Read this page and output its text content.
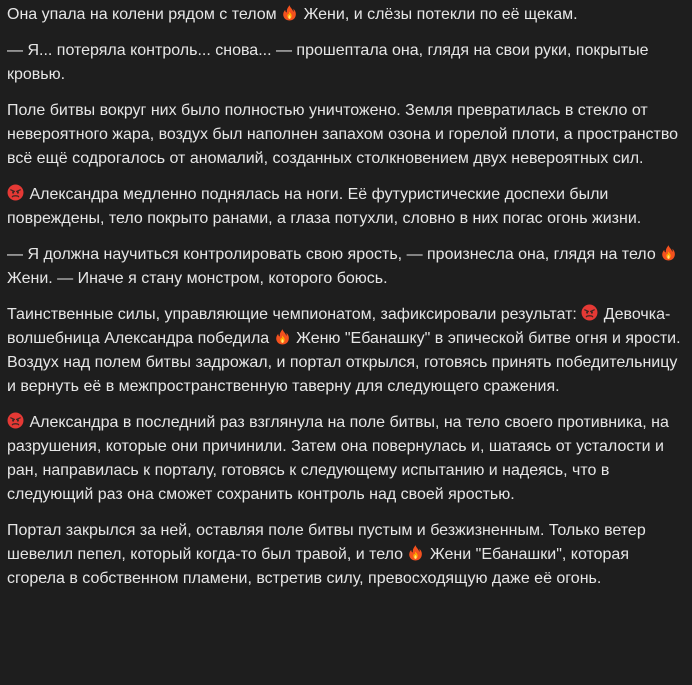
Она упала на колени рядом с телом
Жени, и слёзы потекли по её щекам.

— Я... потеряла контроль... снова... — прошептала она, глядя на свои руки, покрытые кровью.

Поле битвы вокруг них было полностью уничтожено. Земля превратилась в стекло от невероятного жара, воздух был наполнен запахом озона и горелой плоти, а пространство всё ещё содрогалось от аномалий, созданных столкновением двух невероятных сил.

Александра медленно поднялась на ноги. Её футуристические доспехи были повреждены, тело покрыто ранами, а глаза потухли, словно в них погас огонь жизни.

— Я должна научиться контролировать свою ярость, — произнесла она, глядя на тело
Жени. — Иначе я стану монстром, которого боюсь.

Таинственные силы, управляющие чемпионатом, зафиксировали результат:
Девочка-волшебница Александра победила
Женю "Ебанашку" в эпической битве огня и ярости. Воздух над полем битвы задрожал, и портал открылся, готовясь принять победительницу и вернуть её в межпространственную таверну для следующего сражения.

Александра в последний раз взглянула на поле битвы, на тело своего противника, на разрушения, которые они причинили. Затем она повернулась и, шатаясь от усталости и ран, направилась к порталу, готовясь к следующему испытанию и надеясь, что в следующий раз она сможет сохранить контроль над своей яростью.

Портал закрылся за ней, оставляя поле битвы пустым и безжизненным. Только ветер шевелил пепел, который когда-то был травой, и тело
Жени "Ебанашки", которая сгорела в собственном пламени, встретив силу, превосходящую даже её огонь.
